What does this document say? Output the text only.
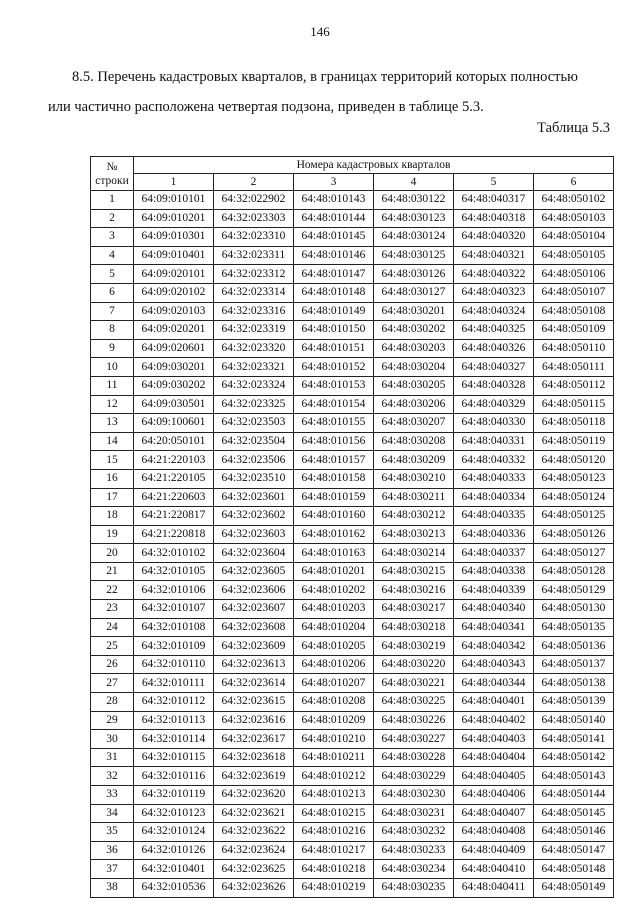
146
8.5. Перечень кадастровых кварталов, в границах территорий которых полностью
или частично расположена четвертая подзона, приведен в таблице 5.3.
Таблица 5.3
№ строки	Номера кадастровых кварталов					
	1	2	3	4	5	6
1	64:09:010101	64:32:022902	64:48:010143	64:48:030122	64:48:040317	64:48:050102
2	64:09:010201	64:32:023303	64:48:010144	64:48:030123	64:48:040318	64:48:050103
3	64:09:010301	64:32:023310	64:48:010145	64:48:030124	64:48:040320	64:48:050104
4	64:09:010401	64:32:023311	64:48:010146	64:48:030125	64:48:040321	64:48:050105
5	64:09:020101	64:32:023312	64:48:010147	64:48:030126	64:48:040322	64:48:050106
6	64:09:020102	64:32:023314	64:48:010148	64:48:030127	64:48:040323	64:48:050107
7	64:09:020103	64:32:023316	64:48:010149	64:48:030201	64:48:040324	64:48:050108
8	64:09:020201	64:32:023319	64:48:010150	64:48:030202	64:48:040325	64:48:050109
9	64:09:020601	64:32:023320	64:48:010151	64:48:030203	64:48:040326	64:48:050110
10	64:09:030201	64:32:023321	64:48:010152	64:48:030204	64:48:040327	64:48:050111
11	64:09:030202	64:32:023324	64:48:010153	64:48:030205	64:48:040328	64:48:050112
12	64:09:030501	64:32:023325	64:48:010154	64:48:030206	64:48:040329	64:48:050115
13	64:09:100601	64:32:023503	64:48:010155	64:48:030207	64:48:040330	64:48:050118
14	64:20:050101	64:32:023504	64:48:010156	64:48:030208	64:48:040331	64:48:050119
15	64:21:220103	64:32:023506	64:48:010157	64:48:030209	64:48:040332	64:48:050120
16	64:21:220105	64:32:023510	64:48:010158	64:48:030210	64:48:040333	64:48:050123
17	64:21:220603	64:32:023601	64:48:010159	64:48:030211	64:48:040334	64:48:050124
18	64:21:220817	64:32:023602	64:48:010160	64:48:030212	64:48:040335	64:48:050125
19	64:21:220818	64:32:023603	64:48:010162	64:48:030213	64:48:040336	64:48:050126
20	64:32:010102	64:32:023604	64:48:010163	64:48:030214	64:48:040337	64:48:050127
21	64:32:010105	64:32:023605	64:48:010201	64:48:030215	64:48:040338	64:48:050128
22	64:32:010106	64:32:023606	64:48:010202	64:48:030216	64:48:040339	64:48:050129
23	64:32:010107	64:32:023607	64:48:010203	64:48:030217	64:48:040340	64:48:050130
24	64:32:010108	64:32:023608	64:48:010204	64:48:030218	64:48:040341	64:48:050135
25	64:32:010109	64:32:023609	64:48:010205	64:48:030219	64:48:040342	64:48:050136
26	64:32:010110	64:32:023613	64:48:010206	64:48:030220	64:48:040343	64:48:050137
27	64:32:010111	64:32:023614	64:48:010207	64:48:030221	64:48:040344	64:48:050138
28	64:32:010112	64:32:023615	64:48:010208	64:48:030225	64:48:040401	64:48:050139
29	64:32:010113	64:32:023616	64:48:010209	64:48:030226	64:48:040402	64:48:050140
30	64:32:010114	64:32:023617	64:48:010210	64:48:030227	64:48:040403	64:48:050141
31	64:32:010115	64:32:023618	64:48:010211	64:48:030228	64:48:040404	64:48:050142
32	64:32:010116	64:32:023619	64:48:010212	64:48:030229	64:48:040405	64:48:050143
33	64:32:010119	64:32:023620	64:48:010213	64:48:030230	64:48:040406	64:48:050144
34	64:32:010123	64:32:023621	64:48:010215	64:48:030231	64:48:040407	64:48:050145
35	64:32:010124	64:32:023622	64:48:010216	64:48:030232	64:48:040408	64:48:050146
36	64:32:010126	64:32:023624	64:48:010217	64:48:030233	64:48:040409	64:48:050147
37	64:32:010401	64:32:023625	64:48:010218	64:48:030234	64:48:040410	64:48:050148
38	64:32:010536	64:32:023626	64:48:010219	64:48:030235	64:48:040411	64:48:050149
